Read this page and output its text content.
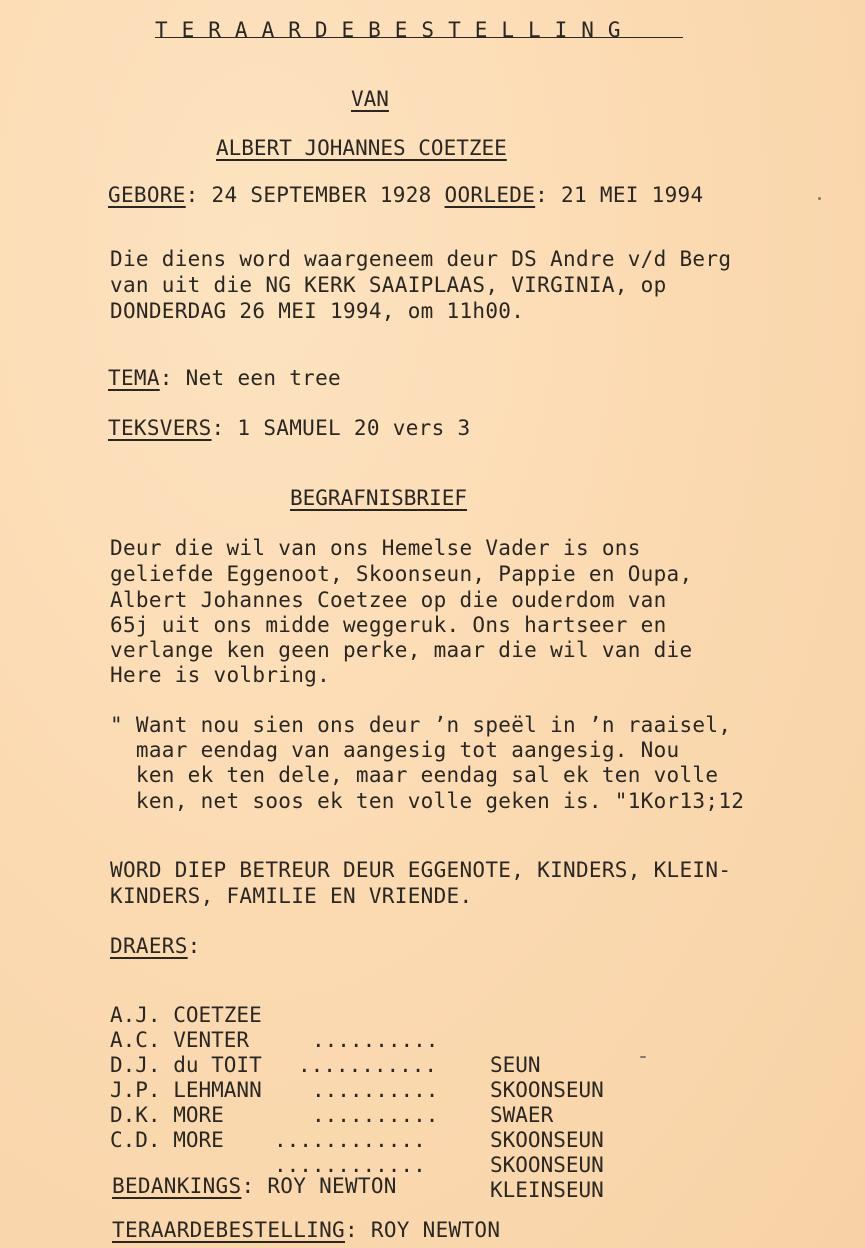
TERAARDEBESTELLING

VAN
ALBERT JOHANNES COETZEE
GEBORE: 24 SEPTEMBER 1928 OORLEDE: 21 MEI 1994
Die diens word waargeneem deur DS Andre v/d Berg
van uit die NG KERK SAAIPLAAS, VIRGINIA, op
DONDERDAG 26 MEI 1994, om 11h00.
TEMA: Net een tree
TEKSVERS: 1 SAMUEL 20 vers 3
BEGRAFNISBRIEF
Deur die wil van ons Hemelse Vader is ons
geliefde Eggenoot, Skoonseun, Pappie en Oupa,
Albert Johannes Coetzee op die ouderdom van
65j uit ons midde weggeruk. Ons hartseer en
verlange ken geen perke, maar die wil van die
Here is volbring.
" Want nou sien ons deur ʼn speël in ʼn raaisel,
maar eendag van aangesig tot aangesig. Nou
ken ek ten dele, maar eendag sal ek ten volle
ken, net soos ek ten volle geken is. "1Kor13;12
WORD DIEP BETREUR DEUR EGGENOTE, KINDERS, KLEIN-
KINDERS, FAMILIE EN VRIENDE.
DRAERS:

A.J. COETZEE

..........

SEUN

A.C. VENTER

...........

SKOONSEUN

D.J. du TOIT

..........

SWAER

J.P. LEHMANN

..........

SKOONSEUN

D.K. MORE

............

SKOONSEUN

C.D. MORE

............

KLEINSEUN

BEDANKINGS: ROY NEWTON
TERAARDEBESTELLING: ROY NEWTON
